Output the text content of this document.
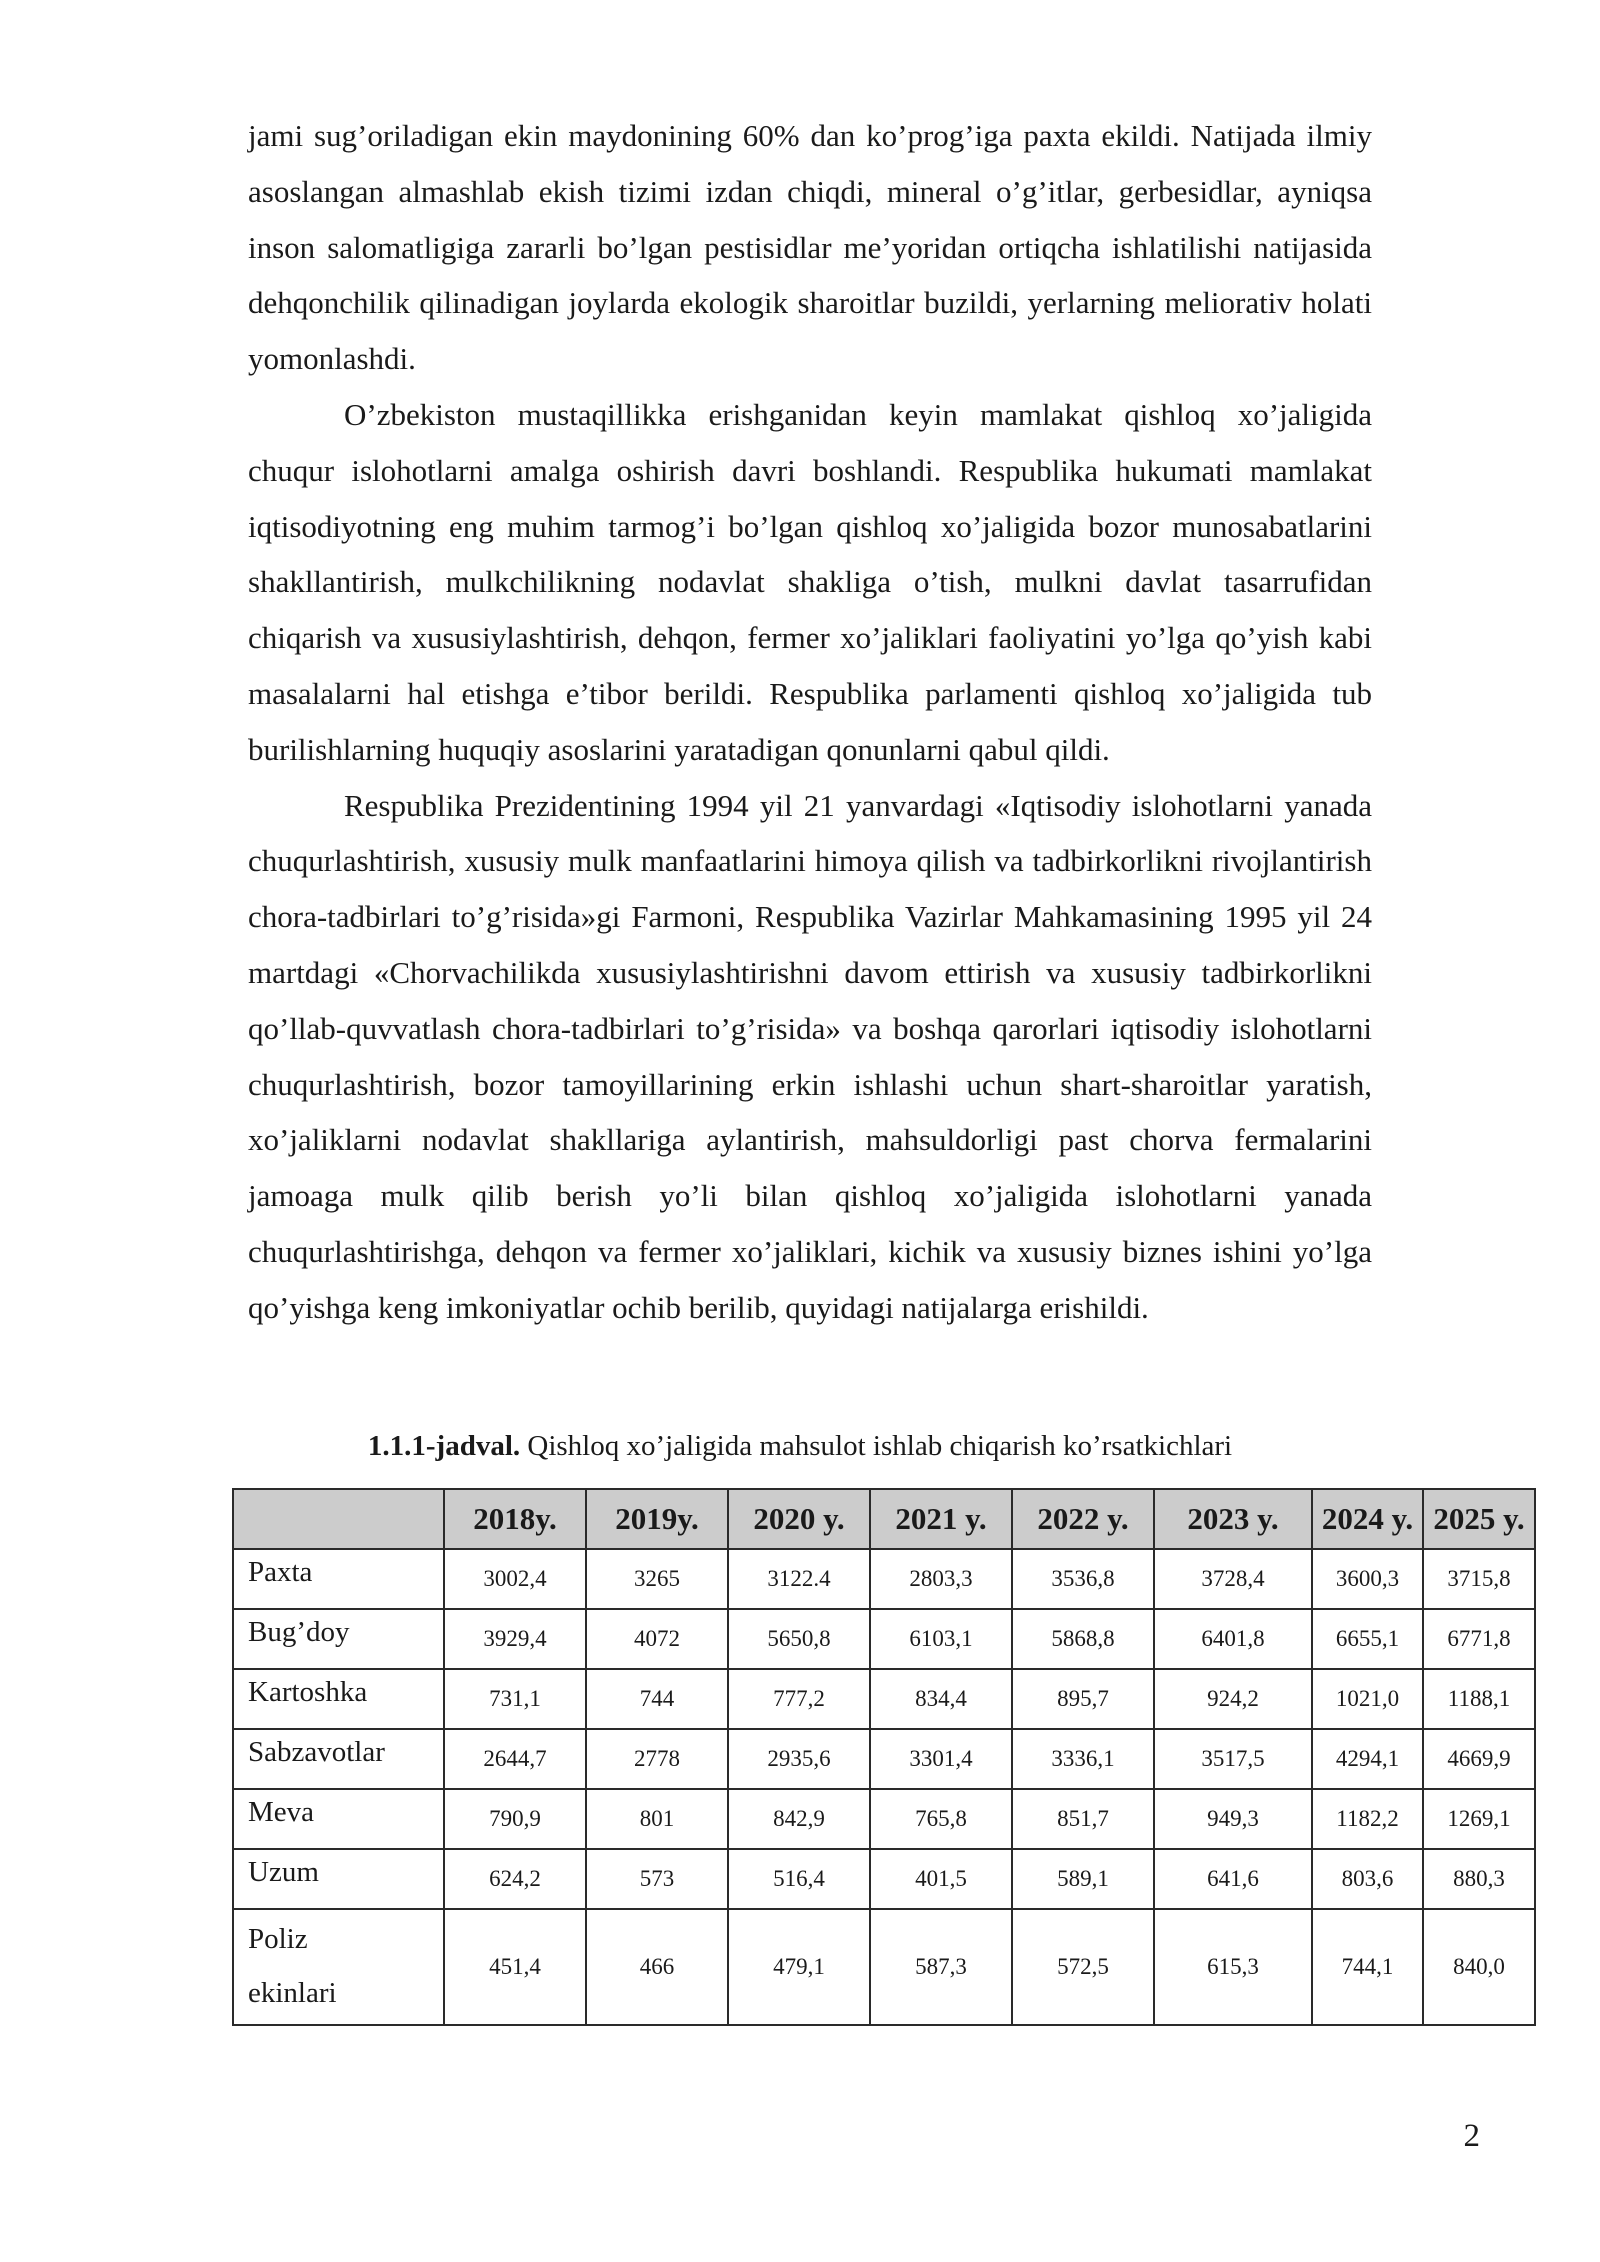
jami sug’oriladigan ekin maydonining 60% dan ko’prog’iga paxta ekildi. Natijada ilmiy asoslangan almashlab ekish tizimi izdan chiqdi, mineral o’g’itlar, gerbesidlar, ayniqsa inson salomatligiga zararli bo’lgan pestisidlar me’yoridan ortiqcha ishlatilishi natijasida dehqonchilik qilinadigan joylarda ekologik sharoitlar buzildi, yerlarning meliorativ holati yomonlashdi.

O’zbekiston mustaqillikka erishganidan keyin mamlakat qishloq xo’jaligida chuqur islohotlarni amalga oshirish davri boshlandi. Respublika hukumati mamlakat iqtisodiyotning eng muhim tarmog’i bo’lgan qishloq xo’jaligida bozor munosabatlarini shakllantirish, mulkchilikning nodavlat shakliga o’tish, mulkni davlat tasarrufidan chiqarish va xususiylashtirish, dehqon, fermer xo’jaliklari faoliyatini yo’lga qo’yish kabi masalalarni hal etishga e’tibor berildi. Respublika parlamenti qishloq xo’jaligida tub burilishlarning huquqiy asoslarini yaratadigan qonunlarni qabul qildi.

Respublika Prezidentining 1994 yil 21 yanvardagi «Iqtisodiy islohotlarni yanada chuqurlashtirish, xususiy mulk manfaatlarini himoya qilish va tadbirkorlikni rivojlantirish chora-tadbirlari to’g’risida»gi Farmoni, Respublika Vazirlar Mahkamasining 1995 yil 24 martdagi «Chorvachilikda xususiylashtirishni davom ettirish va xususiy tadbirkorlikni qo’llab-quvvatlash chora-tadbirlari to’g’risida» va boshqa qarorlari iqtisodiy islohotlarni chuqurlashtirish, bozor tamoyillarining erkin ishlashi uchun shart-sharoitlar yaratish, xo’jaliklarni nodavlat shakllariga aylantirish, mahsuldorligi past chorva fermalarini jamoaga mulk qilib berish yo’li bilan qishloq xo’jaligida islohotlarni yanada chuqurlashtirishga, dehqon va fermer xo’jaliklari, kichik va xususiy biznes ishini yo’lga qo’yishga keng imkoniyatlar ochib berilib, quyidagi natijalarga erishildi.

1.1.1-jadval. Qishloq xo’jaligida mahsulot ishlab chiqarish ko’rsatkichlari
	2018y.	2019y.	2020 y.	2021 y.	2022 y.	2023 y.	2024 y.	2025 y.
Paxta	3002,4	3265	3122.4	2803,3	3536,8	3728,4	3600,3	3715,8
Bug’doy	3929,4	4072	5650,8	6103,1	5868,8	6401,8	6655,1	6771,8
Kartoshka	731,1	744	777,2	834,4	895,7	924,2	1021,0	1188,1
Sabzavotlar	2644,7	2778	2935,6	3301,4	3336,1	3517,5	4294,1	4669,9
Meva	790,9	801	842,9	765,8	851,7	949,3	1182,2	1269,1
Uzum	624,2	573	516,4	401,5	589,1	641,6	803,6	880,3
Poliz
ekinlari	451,4	466	479,1	587,3	572,5	615,3	744,1	840,0
2
